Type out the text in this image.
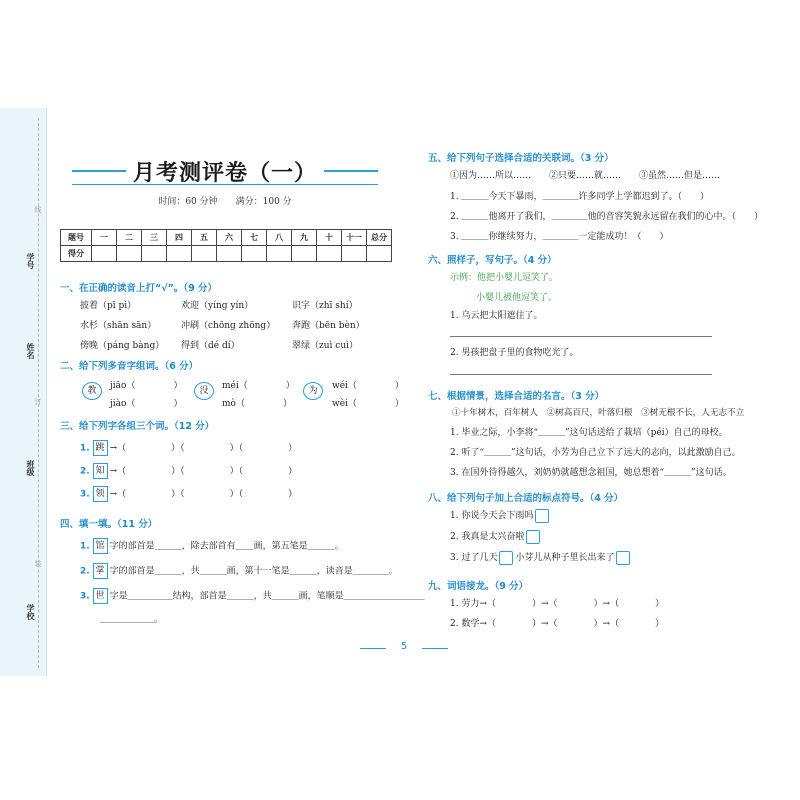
学号
姓名
班级
学校
线
订
装
月考测评卷（一）
时间：60 分钟　　满分：100 分
题号	一	二	三	四	五	六	七	八	九	十	十一	总分
得分												
一、在正确的读音上打“√”。（9 分）
披着（pī pì）	欢迎（yíng yín）	识字（zhī shí）
水杉（shān sān）	冲刷（chōng zhōng） 奔跑（bēn bèn）
傍晚（páng bàng） 得到（dé dí）	翠绿（zuì cuì）
二、给下列多音字组词。（6 分）
教	jiāo（	）
jiào（	）
没	méi（	）
mò（	）
为	wéi（	）
wèi（	）
三、给下列字各组三个词。（12 分）
1. 跳 →（　　　　　）（　　　　　）（　　　　　）
2. 知 →（　　　　　）（　　　　　）（　　　　　）
3. 领 →（　　　　　）（　　　　　）（　　　　　）
四、填一填。（11 分）
1. 馆 字的部首是＿＿＿，除去部首有＿＿画，第五笔是＿＿＿。
2. 掌 字的部首是＿＿＿，共＿＿＿画，第十一笔是＿＿＿，读音是＿＿＿＿。
3. 世 字是＿＿＿＿＿结构，部首是＿＿＿，共＿＿＿画，笔顺是＿＿＿＿＿＿＿＿＿
＿＿＿＿＿＿。
五、给下列句子选择合适的关联词。（3 分）
①因为……所以……　　②只要……就……　　③虽然……但是……
1. ＿＿＿今天下暴雨，＿＿＿＿许多同学上学都迟到了。（　　）
2. ＿＿＿他离开了我们，＿＿＿＿他的音容笑貌永远留在我们的心中。（　　）
3. ＿＿＿你继续努力，＿＿＿＿一定能成功！（　　）
六、照样子，写句子。（4 分）
示例：他把小婴儿逗笑了。
小婴儿被他逗笑了。
1. 乌云把太阳遮住了。
2. 男孩把盘子里的食物吃光了。
七、根据情景，选择合适的名言。（3 分）
①十年树木，百年树人　②树高百尺，叶落归根　③树无根不长，人无志不立
1. 毕业之际，小李将“＿＿＿”这句话送给了栽培（péi）自己的母校。
2. 听了“＿＿＿”这句话，小芳为自己立下了远大的志向，以此激励自己。
3. 在国外待得越久，刘奶奶就越想念祖国，她总想着“＿＿＿”这句话。
八、给下列句子加上合适的标点符号。（4 分）
1. 你说今天会下雨吗
2. 我真是太兴奋啦
3. 过了几天 小芽儿从种子里长出来了
九、词语接龙。（9 分）
1. 劳力→（　　　　）→（　　　　）→（　　　　）
2. 数学→（　　　　）→（　　　　）→（　　　　）
5
